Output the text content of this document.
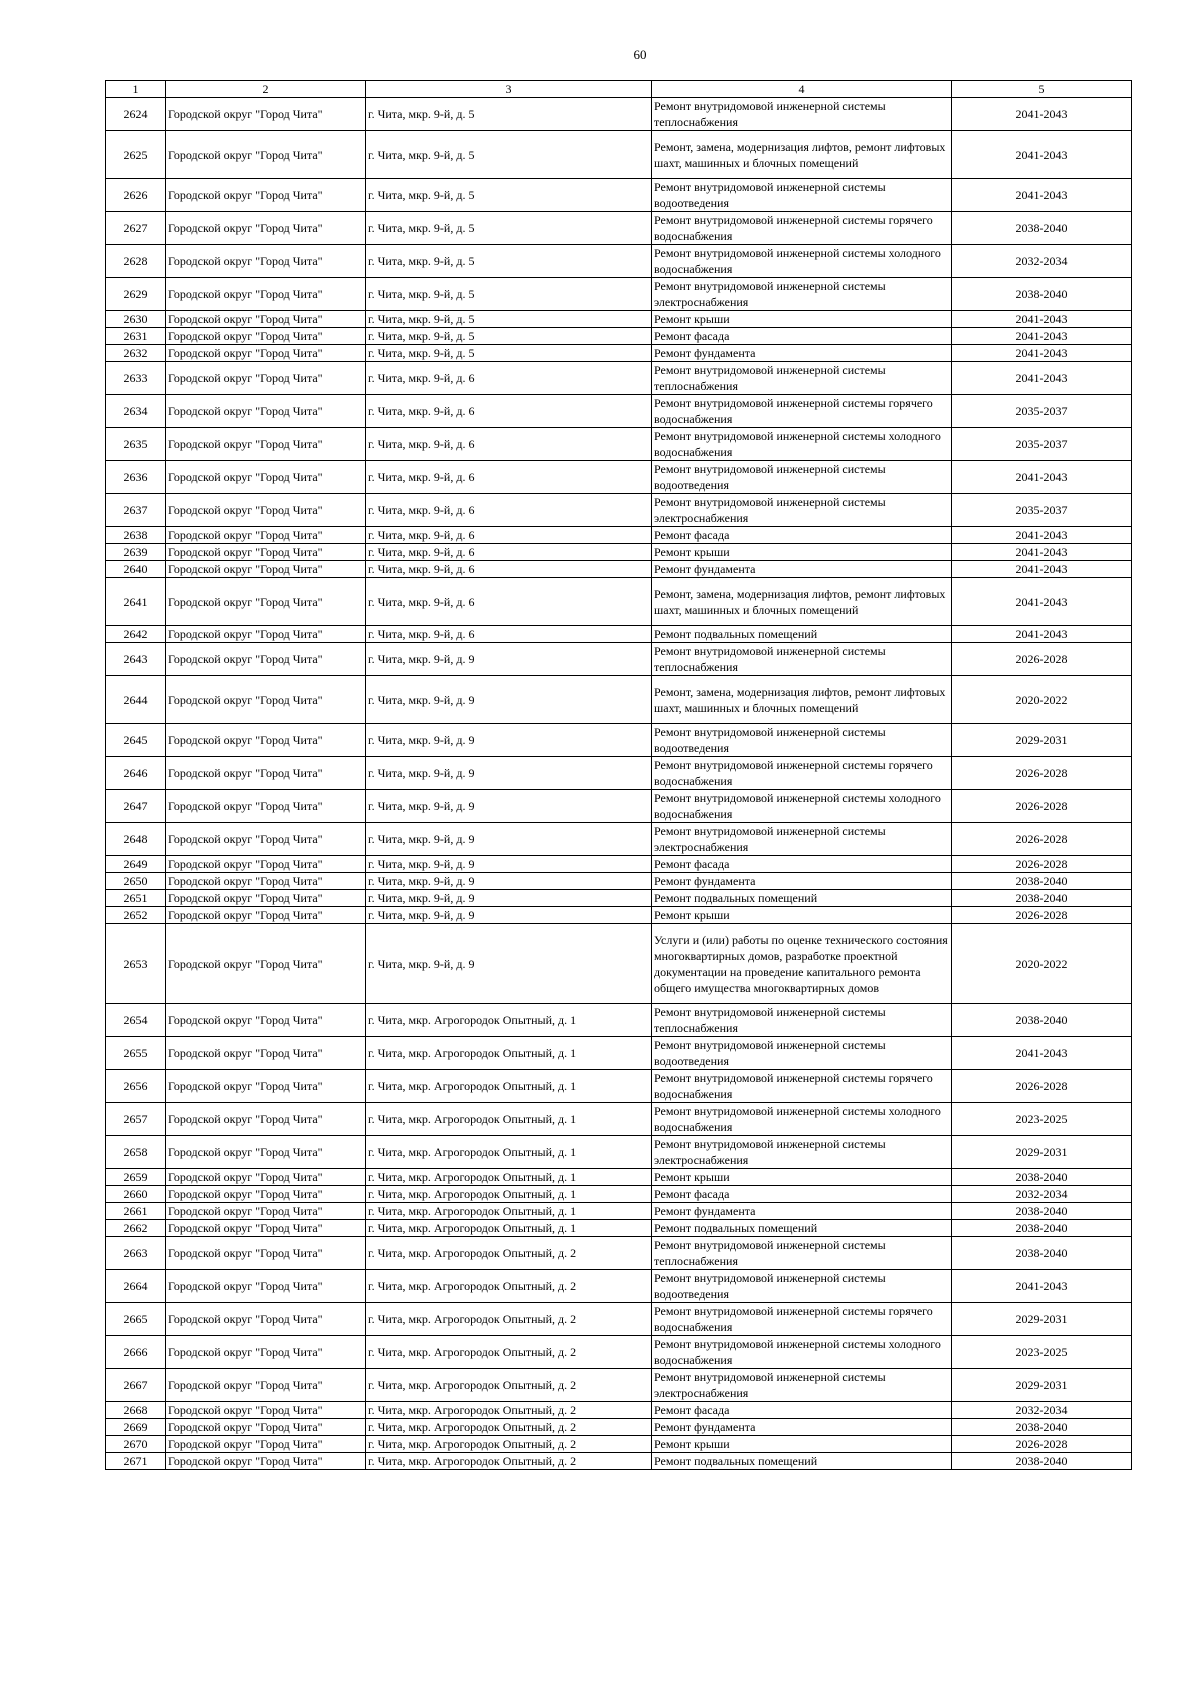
60
1	2	3	4	5
2624	Городской округ "Город Чита"	г. Чита, мкр. 9-й, д. 5	Ремонт внутридомовой инженерной системы теплоснабжения	2041-2043
2625	Городской округ "Город Чита"	г. Чита, мкр. 9-й, д. 5	Ремонт, замена, модернизация лифтов, ремонт лифтовых шахт, машинных и блочных помещений	2041-2043
2626	Городской округ "Город Чита"	г. Чита, мкр. 9-й, д. 5	Ремонт внутридомовой инженерной системы водоотведения	2041-2043
2627	Городской округ "Город Чита"	г. Чита, мкр. 9-й, д. 5	Ремонт внутридомовой инженерной системы горячего водоснабжения	2038-2040
2628	Городской округ "Город Чита"	г. Чита, мкр. 9-й, д. 5	Ремонт внутридомовой инженерной системы холодного водоснабжения	2032-2034
2629	Городской округ "Город Чита"	г. Чита, мкр. 9-й, д. 5	Ремонт внутридомовой инженерной системы электроснабжения	2038-2040
2630	Городской округ "Город Чита"	г. Чита, мкр. 9-й, д. 5	Ремонт крыши	2041-2043
2631	Городской округ "Город Чита"	г. Чита, мкр. 9-й, д. 5	Ремонт фасада	2041-2043
2632	Городской округ "Город Чита"	г. Чита, мкр. 9-й, д. 5	Ремонт фундамента	2041-2043
2633	Городской округ "Город Чита"	г. Чита, мкр. 9-й, д. 6	Ремонт внутридомовой инженерной системы теплоснабжения	2041-2043
2634	Городской округ "Город Чита"	г. Чита, мкр. 9-й, д. 6	Ремонт внутридомовой инженерной системы горячего водоснабжения	2035-2037
2635	Городской округ "Город Чита"	г. Чита, мкр. 9-й, д. 6	Ремонт внутридомовой инженерной системы холодного водоснабжения	2035-2037
2636	Городской округ "Город Чита"	г. Чита, мкр. 9-й, д. 6	Ремонт внутридомовой инженерной системы водоотведения	2041-2043
2637	Городской округ "Город Чита"	г. Чита, мкр. 9-й, д. 6	Ремонт внутридомовой инженерной системы электроснабжения	2035-2037
2638	Городской округ "Город Чита"	г. Чита, мкр. 9-й, д. 6	Ремонт фасада	2041-2043
2639	Городской округ "Город Чита"	г. Чита, мкр. 9-й, д. 6	Ремонт крыши	2041-2043
2640	Городской округ "Город Чита"	г. Чита, мкр. 9-й, д. 6	Ремонт фундамента	2041-2043
2641	Городской округ "Город Чита"	г. Чита, мкр. 9-й, д. 6	Ремонт, замена, модернизация лифтов, ремонт лифтовых шахт, машинных и блочных помещений	2041-2043
2642	Городской округ "Город Чита"	г. Чита, мкр. 9-й, д. 6	Ремонт подвальных помещений	2041-2043
2643	Городской округ "Город Чита"	г. Чита, мкр. 9-й, д. 9	Ремонт внутридомовой инженерной системы теплоснабжения	2026-2028
2644	Городской округ "Город Чита"	г. Чита, мкр. 9-й, д. 9	Ремонт, замена, модернизация лифтов, ремонт лифтовых шахт, машинных и блочных помещений	2020-2022
2645	Городской округ "Город Чита"	г. Чита, мкр. 9-й, д. 9	Ремонт внутридомовой инженерной системы водоотведения	2029-2031
2646	Городской округ "Город Чита"	г. Чита, мкр. 9-й, д. 9	Ремонт внутридомовой инженерной системы горячего водоснабжения	2026-2028
2647	Городской округ "Город Чита"	г. Чита, мкр. 9-й, д. 9	Ремонт внутридомовой инженерной системы холодного водоснабжения	2026-2028
2648	Городской округ "Город Чита"	г. Чита, мкр. 9-й, д. 9	Ремонт внутридомовой инженерной системы электроснабжения	2026-2028
2649	Городской округ "Город Чита"	г. Чита, мкр. 9-й, д. 9	Ремонт фасада	2026-2028
2650	Городской округ "Город Чита"	г. Чита, мкр. 9-й, д. 9	Ремонт фундамента	2038-2040
2651	Городской округ "Город Чита"	г. Чита, мкр. 9-й, д. 9	Ремонт подвальных помещений	2038-2040
2652	Городской округ "Город Чита"	г. Чита, мкр. 9-й, д. 9	Ремонт крыши	2026-2028
2653	Городской округ "Город Чита"	г. Чита, мкр. 9-й, д. 9	Услуги и (или) работы по оценке технического состояния многоквартирных домов, разработке проектной документации на проведение капитального ремонта общего имущества многоквартирных домов	2020-2022
2654	Городской округ "Город Чита"	г. Чита, мкр. Агрогородок Опытный, д. 1	Ремонт внутридомовой инженерной системы теплоснабжения	2038-2040
2655	Городской округ "Город Чита"	г. Чита, мкр. Агрогородок Опытный, д. 1	Ремонт внутридомовой инженерной системы водоотведения	2041-2043
2656	Городской округ "Город Чита"	г. Чита, мкр. Агрогородок Опытный, д. 1	Ремонт внутридомовой инженерной системы горячего водоснабжения	2026-2028
2657	Городской округ "Город Чита"	г. Чита, мкр. Агрогородок Опытный, д. 1	Ремонт внутридомовой инженерной системы холодного водоснабжения	2023-2025
2658	Городской округ "Город Чита"	г. Чита, мкр. Агрогородок Опытный, д. 1	Ремонт внутридомовой инженерной системы электроснабжения	2029-2031
2659	Городской округ "Город Чита"	г. Чита, мкр. Агрогородок Опытный, д. 1	Ремонт крыши	2038-2040
2660	Городской округ "Город Чита"	г. Чита, мкр. Агрогородок Опытный, д. 1	Ремонт фасада	2032-2034
2661	Городской округ "Город Чита"	г. Чита, мкр. Агрогородок Опытный, д. 1	Ремонт фундамента	2038-2040
2662	Городской округ "Город Чита"	г. Чита, мкр. Агрогородок Опытный, д. 1	Ремонт подвальных помещений	2038-2040
2663	Городской округ "Город Чита"	г. Чита, мкр. Агрогородок Опытный, д. 2	Ремонт внутридомовой инженерной системы теплоснабжения	2038-2040
2664	Городской округ "Город Чита"	г. Чита, мкр. Агрогородок Опытный, д. 2	Ремонт внутридомовой инженерной системы водоотведения	2041-2043
2665	Городской округ "Город Чита"	г. Чита, мкр. Агрогородок Опытный, д. 2	Ремонт внутридомовой инженерной системы горячего водоснабжения	2029-2031
2666	Городской округ "Город Чита"	г. Чита, мкр. Агрогородок Опытный, д. 2	Ремонт внутридомовой инженерной системы холодного водоснабжения	2023-2025
2667	Городской округ "Город Чита"	г. Чита, мкр. Агрогородок Опытный, д. 2	Ремонт внутридомовой инженерной системы электроснабжения	2029-2031
2668	Городской округ "Город Чита"	г. Чита, мкр. Агрогородок Опытный, д. 2	Ремонт фасада	2032-2034
2669	Городской округ "Город Чита"	г. Чита, мкр. Агрогородок Опытный, д. 2	Ремонт фундамента	2038-2040
2670	Городской округ "Город Чита"	г. Чита, мкр. Агрогородок Опытный, д. 2	Ремонт крыши	2026-2028
2671	Городской округ "Город Чита"	г. Чита, мкр. Агрогородок Опытный, д. 2	Ремонт подвальных помещений	2038-2040
